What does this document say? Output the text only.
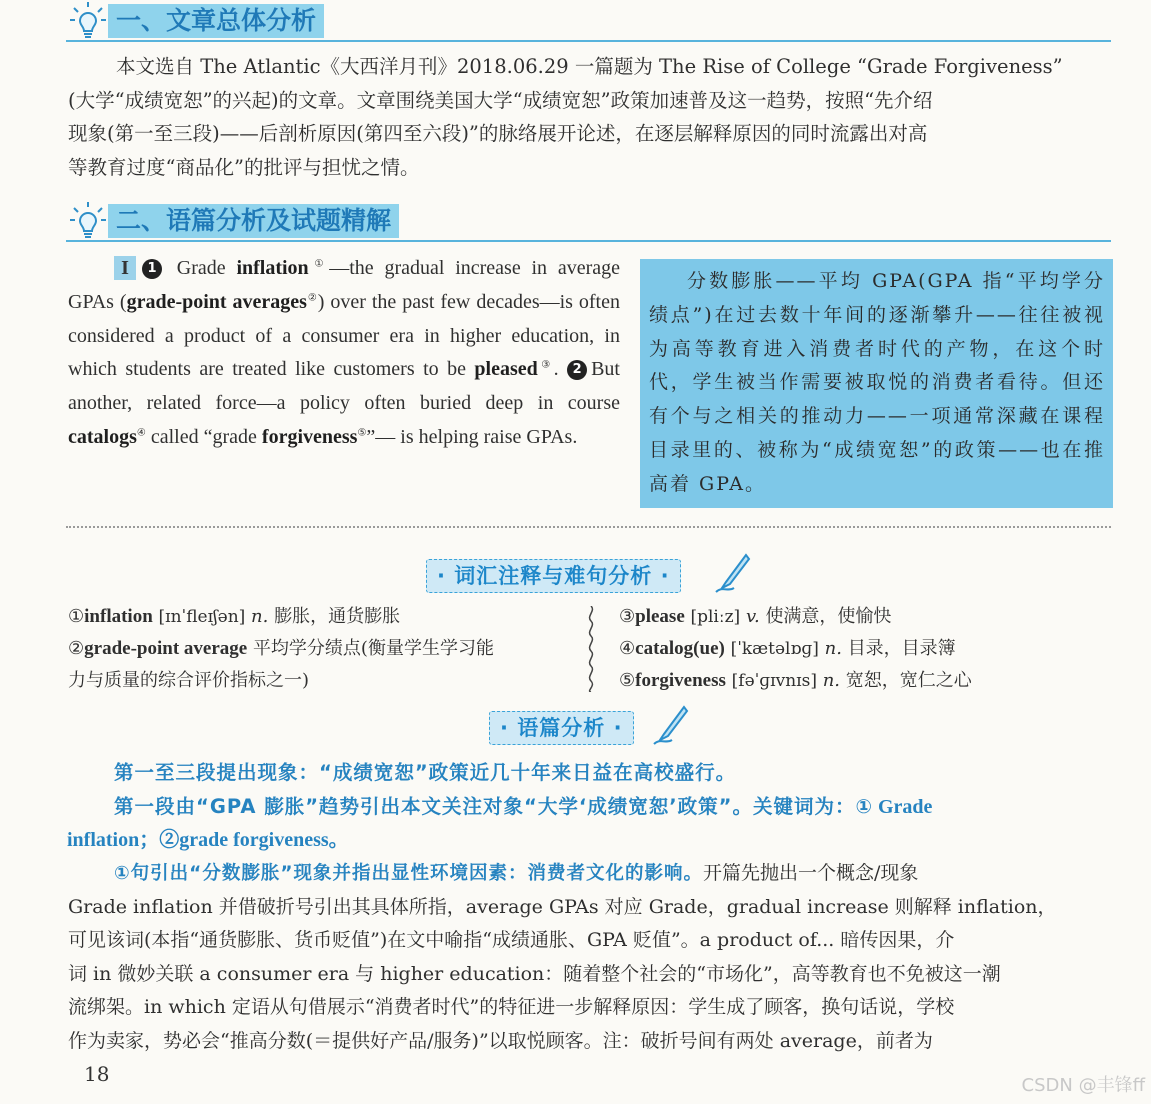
一、文章总体分析

本文选自 The Atlantic《大西洋月刊》2018.06.29 一篇题为 The Rise of College “Grade Forgiveness”

(大学“成绩宽恕”的兴起)的文章。文章围绕美国大学“成绩宽恕”政策加速普及这一趋势，按照“先介绍

现象(第一至三段)——后剖析原因(第四至六段)”的脉络展开论述，在逐层解释原因的同时流露出对高

等教育过度“商品化”的批评与担忧之情。

二、语篇分析及试题精解
I 1 Grade inflation①—the gradual increase in average GPAs (grade-point averages②) over the past few decades—is often considered a product of a consumer era in higher education, in which students are treated like customers to be pleased③. 2 But another, related force—a policy often buried deep in course catalogs④ called “grade forgiveness⑤”— is helping raise GPAs.

分数膨胀——平均 GPA(GPA 指“平均学分绩点”)在过去数十年间的逐渐攀升——往往被视为高等教育进入消费者时代的产物，在这个时代，学生被当作需要被取悦的消费者看待。但还有个与之相关的推动力——一项通常深藏在课程目录里的、被称为“成绩宽恕”的政策——也在推高着 GPA。

· 词汇注释与难句分析 ·
①inflation [ɪnˈfleɪʃən] n. 膨胀，通货膨胀
②grade-point average 平均学分绩点(衡量学生学习能
力与质量的综合评价指标之一)
③please [pliːz] v. 使满意，使愉快
④catalog(ue) [ˈkætəlɒɡ] n. 目录，目录簿
⑤forgiveness [fəˈɡɪvnɪs] n. 宽恕，宽仁之心
· 语篇分析 ·
第一至三段提出现象：“成绩宽恕”政策近几十年来日益在高校盛行。
第一段由“GPA 膨胀”趋势引出本文关注对象“大学‘成绩宽恕’政策”。关键词为：① Grade
inflation；②grade forgiveness。
①句引出“分数膨胀”现象并指出显性环境因素：消费者文化的影响。开篇先抛出一个概念/现象
Grade inflation 并借破折号引出其具体所指，average GPAs 对应 Grade，gradual increase 则解释 inflation，
可见该词(本指“通货膨胀、货币贬值”)在文中喻指“成绩通胀、GPA 贬值”。a product of... 暗传因果，介
词 in 微妙关联 a consumer era 与 higher education：随着整个社会的“市场化”，高等教育也不免被这一潮
流绑架。in which 定语从句借展示“消费者时代”的特征进一步解释原因：学生成了顾客，换句话说，学校
作为卖家，势必会“推高分数(＝提供好产品/服务)”以取悦顾客。注：破折号间有两处 average，前者为
18	CSDN @丰锋ff
